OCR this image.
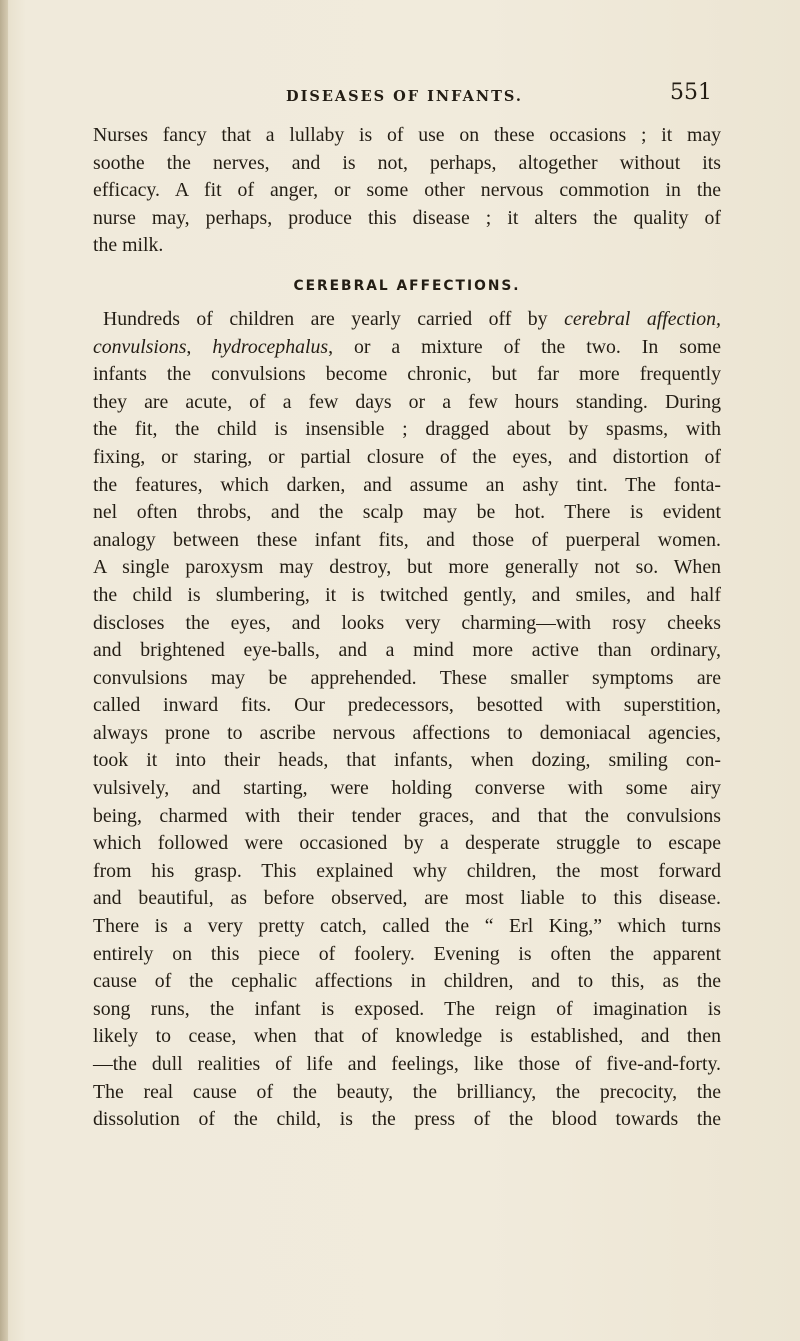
DISEASES OF INFANTS.	551
Nurses fancy that a lullaby is of use on these occasions ; it may
soothe the nerves, and is not, perhaps, altogether without its
efficacy. A fit of anger, or some other nervous commotion in the
nurse may, perhaps, produce this disease ; it alters the quality of
the milk.
CEREBRAL AFFECTIONS.
Hundreds of children are yearly carried off by cerebral affection,
convulsions, hydrocephalus, or a mixture of the two. In some
infants the convulsions become chronic, but far more frequently
they are acute, of a few days or a few hours standing. During
the fit, the child is insensible ; dragged about by spasms, with
fixing, or staring, or partial closure of the eyes, and distortion of
the features, which darken, and assume an ashy tint. The fonta-
nel often throbs, and the scalp may be hot. There is evident
analogy between these infant fits, and those of puerperal women.
A single paroxysm may destroy, but more generally not so. When
the child is slumbering, it is twitched gently, and smiles, and half
discloses the eyes, and looks very charming—with rosy cheeks
and brightened eye-balls, and a mind more active than ordinary,
convulsions may be apprehended. These smaller symptoms are
called inward fits. Our predecessors, besotted with superstition,
always prone to ascribe nervous affections to demoniacal agencies,
took it into their heads, that infants, when dozing, smiling con-
vulsively, and starting, were holding converse with some airy
being, charmed with their tender graces, and that the convulsions
which followed were occasioned by a desperate struggle to escape
from his grasp. This explained why children, the most forward
and beautiful, as before observed, are most liable to this disease.
There is a very pretty catch, called the “ Erl King,” which turns
entirely on this piece of foolery. Evening is often the apparent
cause of the cephalic affections in children, and to this, as the
song runs, the infant is exposed. The reign of imagination is
likely to cease, when that of knowledge is established, and then
—the dull realities of life and feelings, like those of five-and-forty.
The real cause of the beauty, the brilliancy, the precocity, the
dissolution of the child, is the press of the blood towards the
